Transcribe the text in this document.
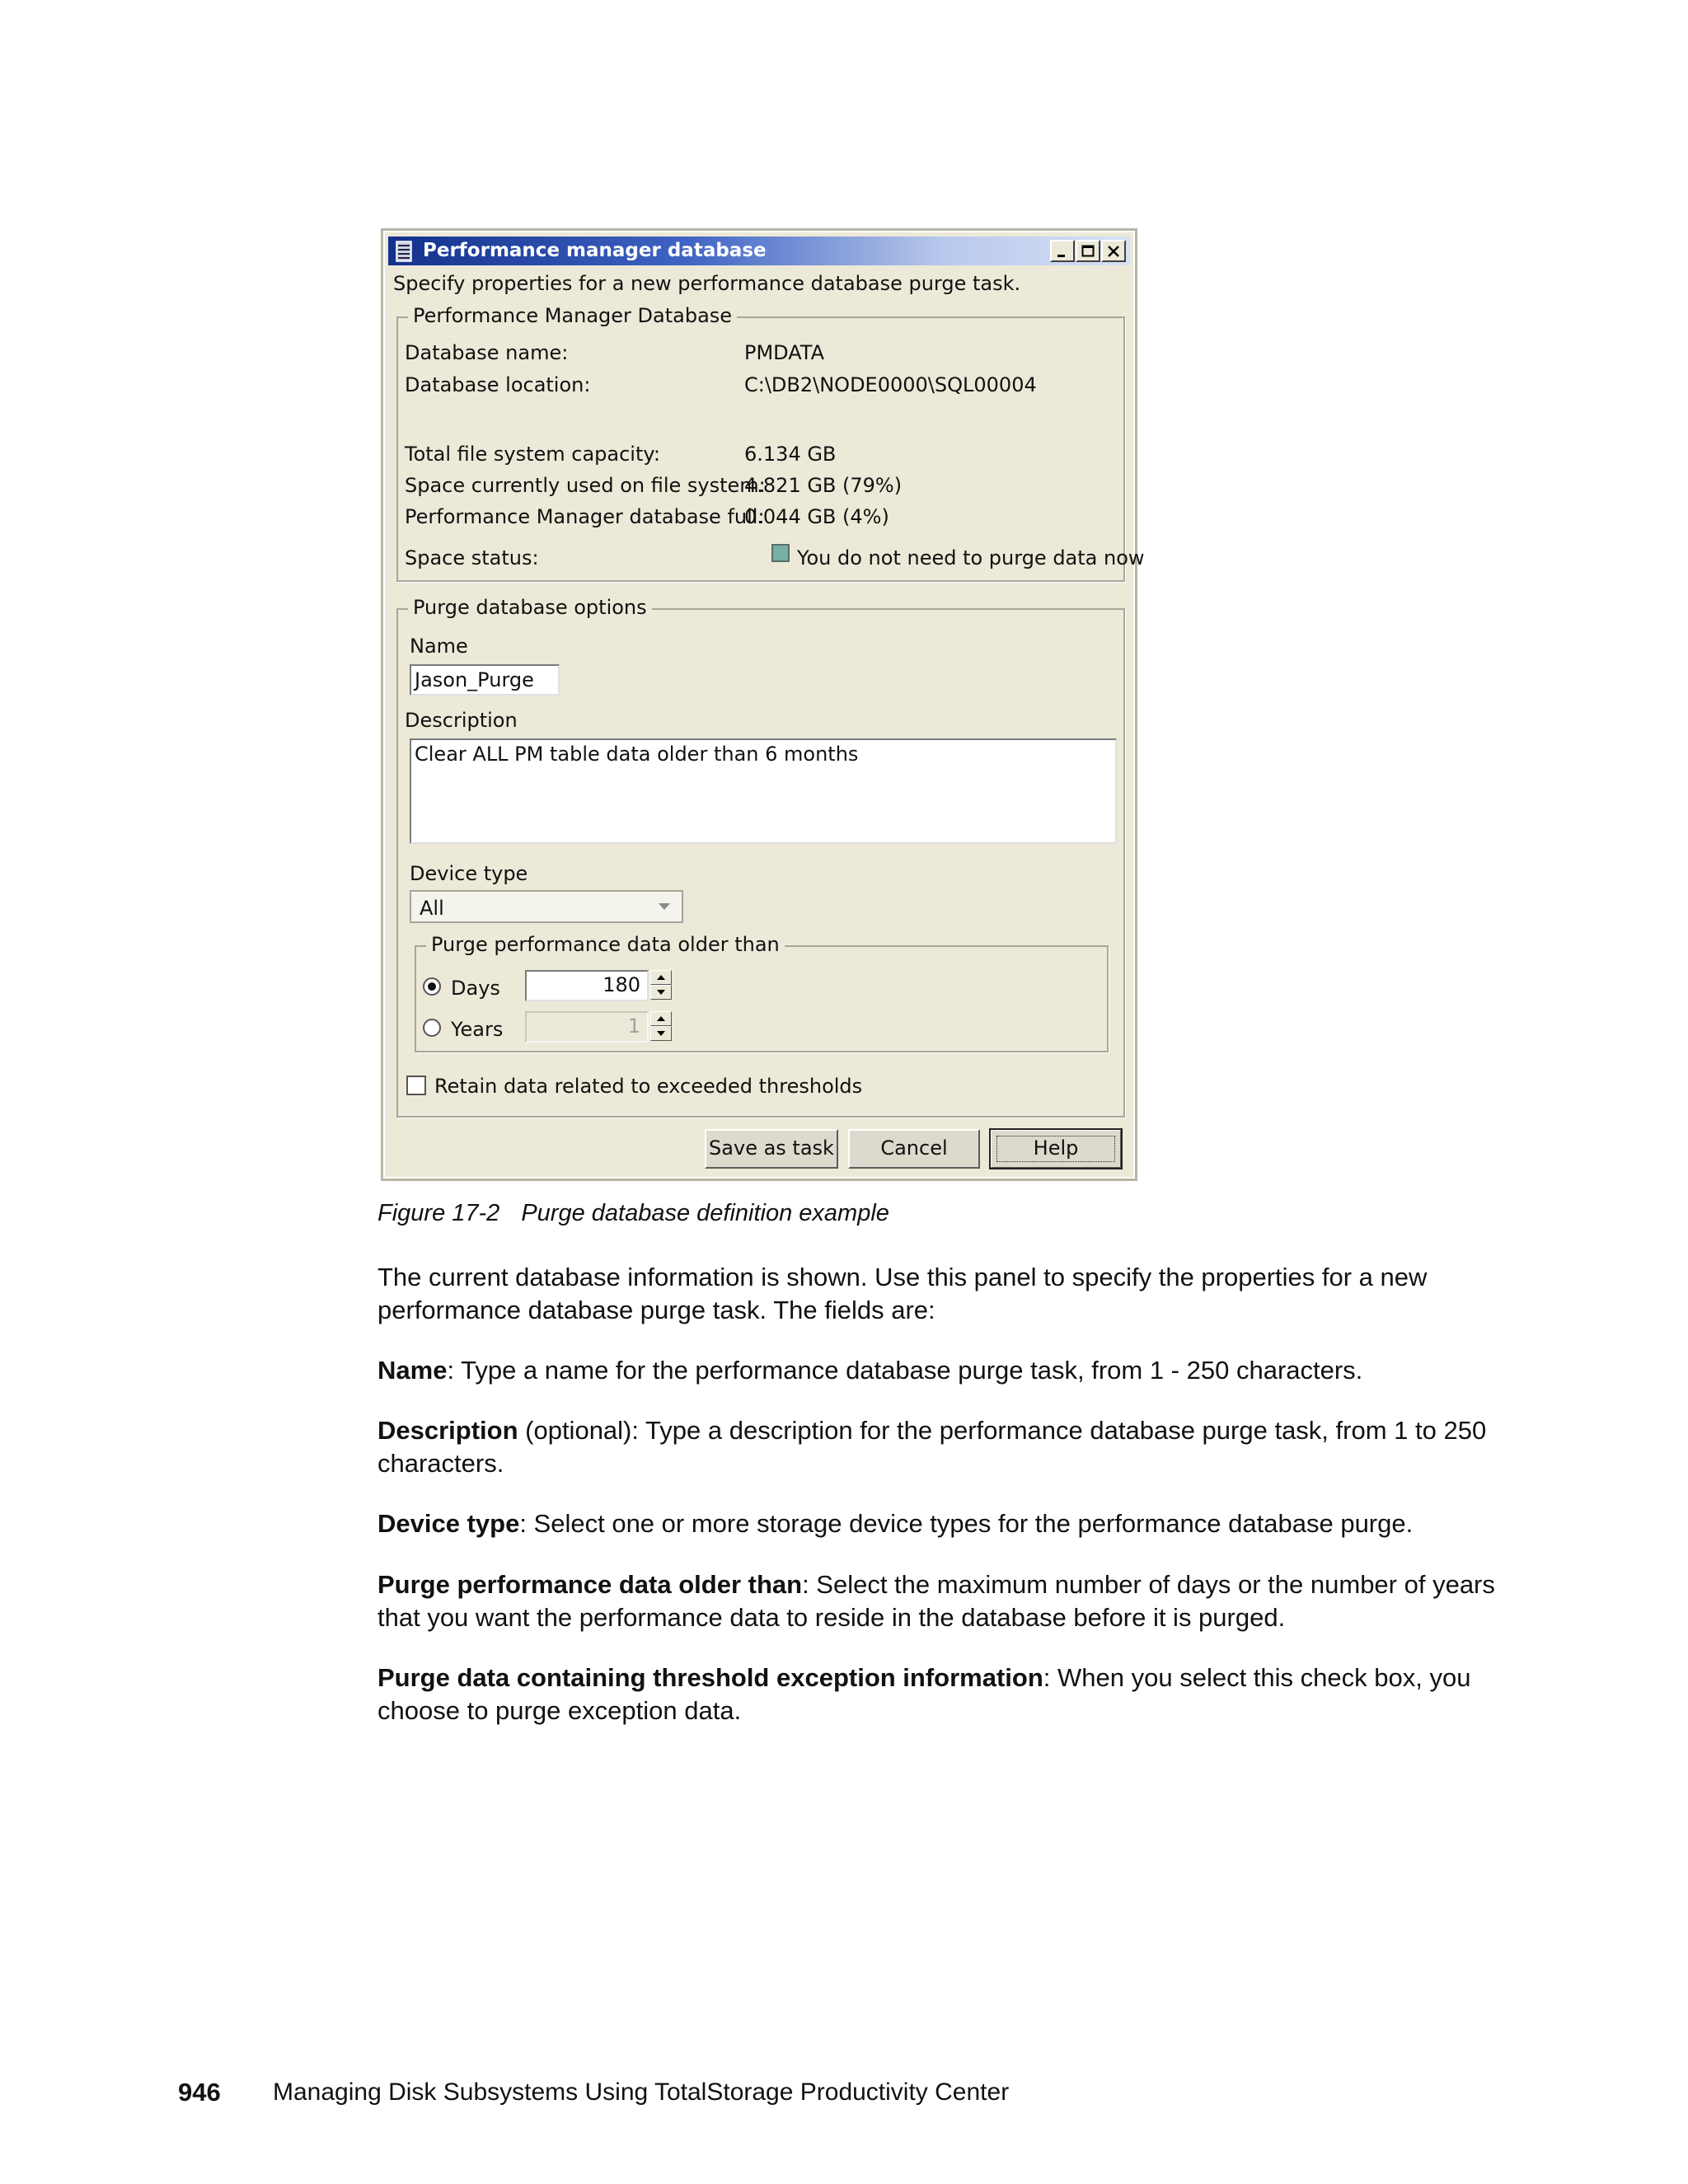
Performance manager database
Specify properties for a new performance database purge task.
Performance Manager Database
Database name:	PMDATA
Database location:	C:\DB2\NODE0000\SQL00004
Total file system capacity:	6.134 GB
Space currently used on file system:
4.821 GB (79%)
Performance Manager database full:
0.044 GB (4%)
Space status:	You do not need to purge data now
Purge database options
Name
Jason_Purge
Description
Clear ALL PM table data older than 6 months
Device type
All
Purge performance data older than
Days	180
Years	1
Retain data related to exceeded thresholds
Save as task	Cancel	Help
Figure 17-2 Purge database definition example
The current database information is shown. Use this panel to specify the properties for a new performance database purge task. The fields are:
Name: Type a name for the performance database purge task, from 1 - 250 characters.
Description (optional): Type a description for the performance database purge task, from 1 to 250 characters.
Device type: Select one or more storage device types for the performance database purge.
Purge performance data older than: Select the maximum number of days or the number of years that you want the performance data to reside in the database before it is purged.
Purge data containing threshold exception information: When you select this check box, you choose to purge exception data.
946 Managing Disk Subsystems Using TotalStorage Productivity Center
